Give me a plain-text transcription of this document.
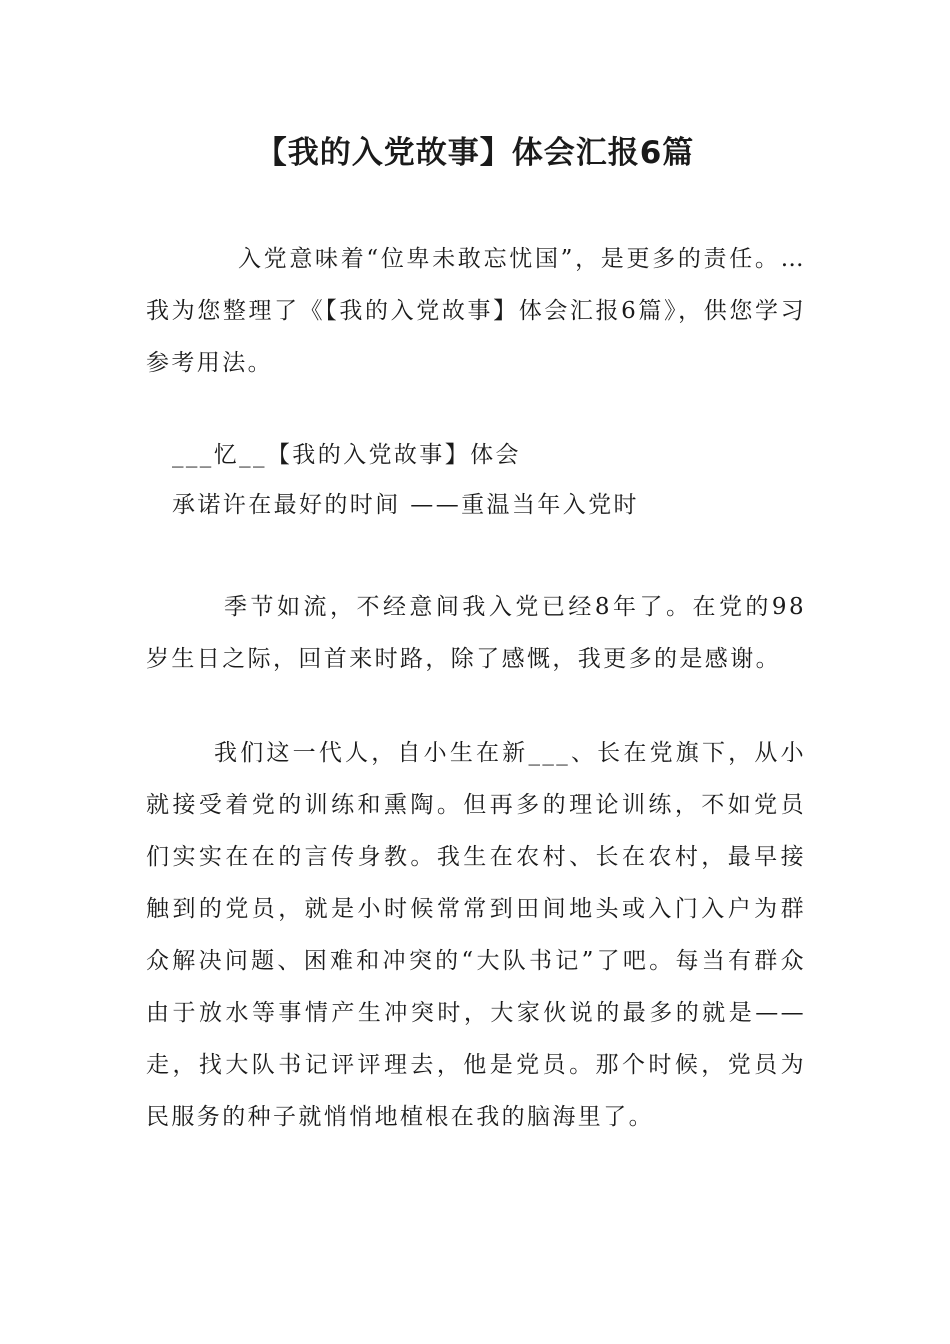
【我的入党故事】体会汇报6篇

入党意味着“位卑未敢忘忧国”，是更多的责任。…我为您整理了《【我的入党故事】体会汇报6篇》，供您学习参考用法。

___忆__【我的入党故事】体会

承诺许在最好的时间 ——重温当年入党时

季节如流，不经意间我入党已经8年了。在党的98岁生日之际，回首来时路，除了感慨，我更多的是感谢。

我们这一代人，自小生在新___、长在党旗下，从小就接受着党的训练和熏陶。但再多的理论训练，不如党员们实实在在的言传身教。我生在农村、长在农村，最早接触到的党员，就是小时候常常到田间地头或入门入户为群众解决问题、困难和冲突的“大队书记”了吧。每当有群众由于放水等事情产生冲突时，大家伙说的最多的就是——走，找大队书记评评理去，他是党员。那个时候，党员为民服务的种子就悄悄地植根在我的脑海里了。
